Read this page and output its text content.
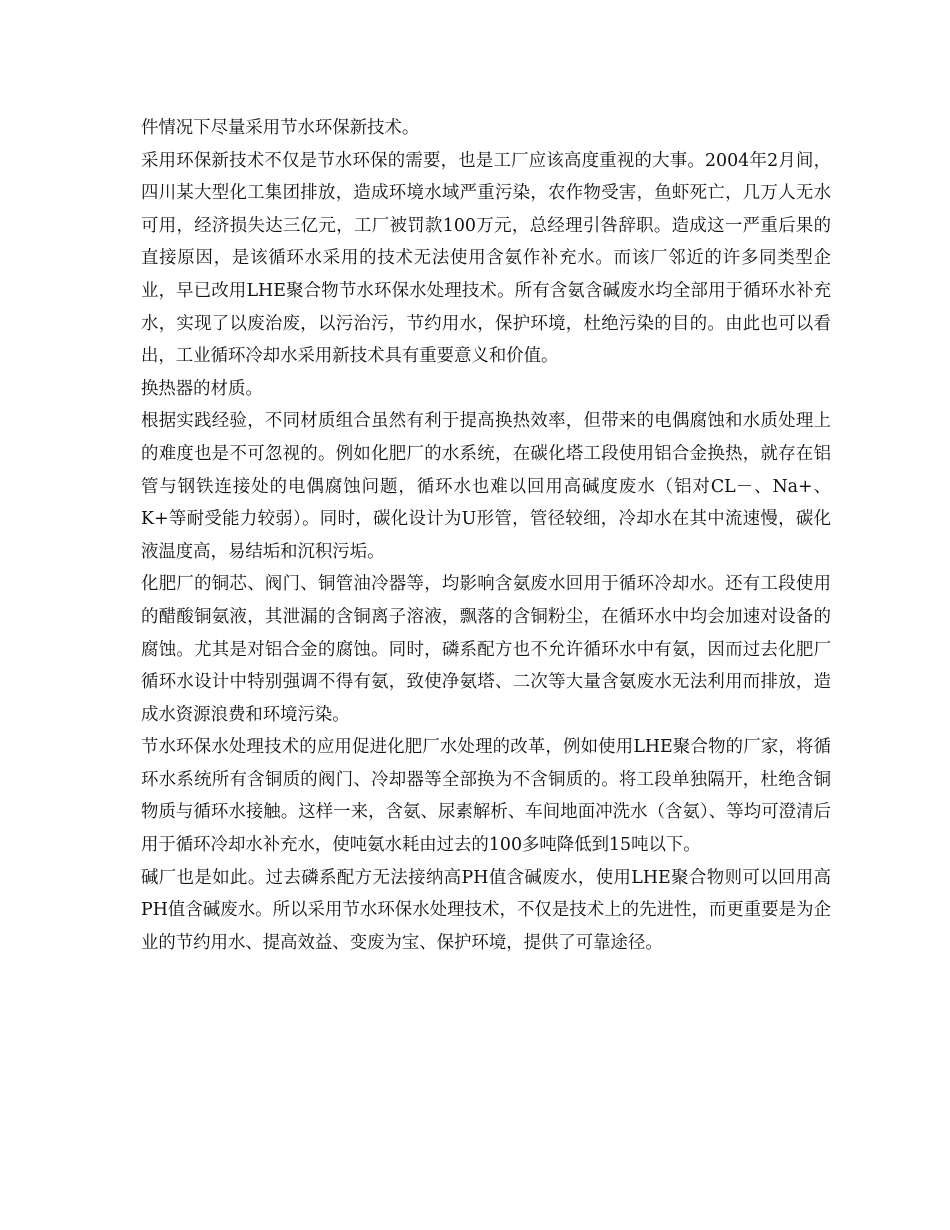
件情况下尽量采用节水环保新技术。

采用环保新技术不仅是节水环保的需要，也是工厂应该高度重视的大事。2004年2月间，四川某大型化工集团排放，造成环境水域严重污染，农作物受害，鱼虾死亡，几万人无水可用，经济损失达三亿元，工厂被罚款100万元，总经理引咎辞职。造成这一严重后果的直接原因，是该循环水采用的技术无法使用含氨作补充水。而该厂邻近的许多同类型企业，早已改用LHE聚合物节水环保水处理技术。所有含氨含碱废水均全部用于循环水补充水，实现了以废治废，以污治污，节约用水，保护环境，杜绝污染的目的。由此也可以看出，工业循环冷却水采用新技术具有重要意义和价值。

换热器的材质。

根据实践经验，不同材质组合虽然有利于提高换热效率，但带来的电偶腐蚀和水质处理上的难度也是不可忽视的。例如化肥厂的水系统，在碳化塔工段使用铝合金换热，就存在铝管与钢铁连接处的电偶腐蚀问题，循环水也难以回用高碱度废水（铝对CL－、Na+、K+等耐受能力较弱）。同时，碳化设计为U形管，管径较细，冷却水在其中流速慢，碳化液温度高，易结垢和沉积污垢。

化肥厂的铜芯、阀门、铜管油冷器等，均影响含氨废水回用于循环冷却水。还有工段使用的醋酸铜氨液，其泄漏的含铜离子溶液，飘落的含铜粉尘，在循环水中均会加速对设备的腐蚀。尤其是对铝合金的腐蚀。同时，磷系配方也不允许循环水中有氨，因而过去化肥厂循环水设计中特别强调不得有氨，致使净氨塔、二次等大量含氨废水无法利用而排放，造成水资源浪费和环境污染。

节水环保水处理技术的应用促进化肥厂水处理的改革，例如使用LHE聚合物的厂家，将循环水系统所有含铜质的阀门、冷却器等全部换为不含铜质的。将工段单独隔开，杜绝含铜物质与循环水接触。这样一来，含氨、尿素解析、车间地面冲洗水（含氨）、等均可澄清后用于循环冷却水补充水，使吨氨水耗由过去的100多吨降低到15吨以下。

碱厂也是如此。过去磷系配方无法接纳高PH值含碱废水，使用LHE聚合物则可以回用高PH值含碱废水。所以采用节水环保水处理技术，不仅是技术上的先进性，而更重要是为企业的节约用水、提高效益、变废为宝、保护环境，提供了可靠途径。
